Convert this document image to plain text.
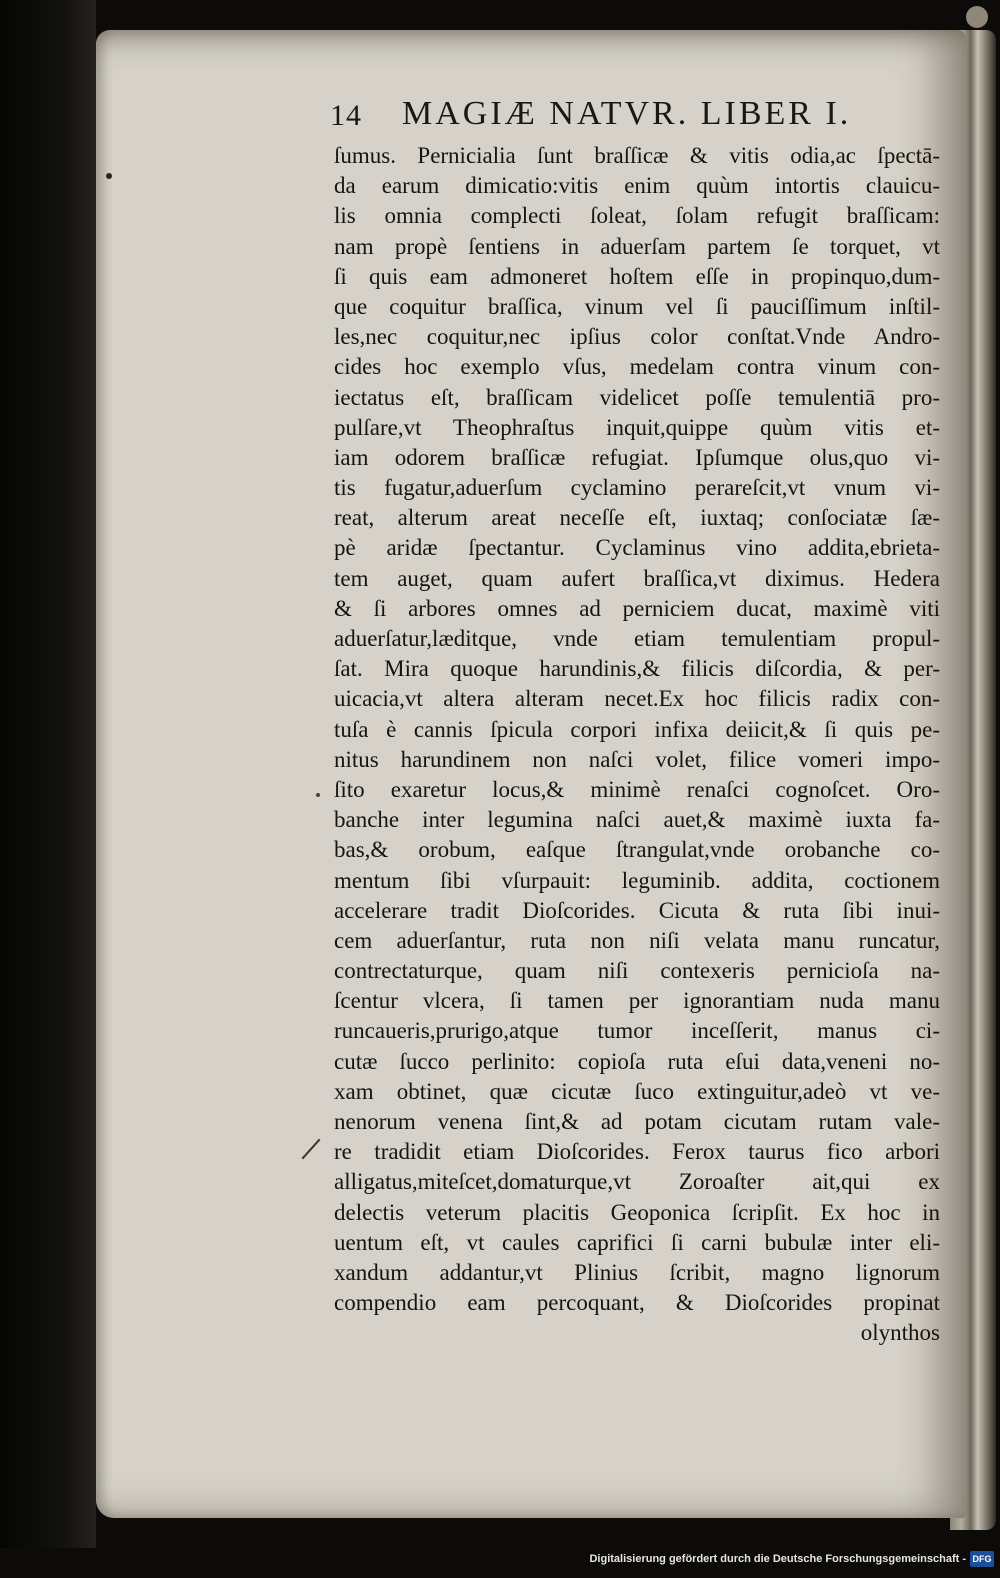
14 MAGIÆ NATVR. LIBER I.
ſumus. Pernicialia ſunt braſſicæ & vitis odia,ac ſpectā-
da earum dimicatio:vitis enim quùm intortis clauicu-
lis omnia complecti ſoleat, ſolam refugit braſſicam:
nam propè ſentiens in aduerſam partem ſe torquet, vt
ſi quis eam admoneret hoſtem eſſe in propinquo,dum-
que coquitur braſſica, vinum vel ſi pauciſſimum inſtil-
les,nec coquitur,nec ipſius color conſtat.Vnde Andro-
cides hoc exemplo vſus, medelam contra vinum con-
iectatus eſt, braſſicam videlicet poſſe temulentiā pro-
pulſare,vt Theophraſtus inquit,quippe quùm vitis et-
iam odorem braſſicæ refugiat. Ipſumque olus,quo vi-
tis fugatur,aduerſum cyclamino perareſcit,vt vnum vi-
reat, alterum areat neceſſe eſt, iuxtaq; conſociatæ ſæ-
pè aridæ ſpectantur. Cyclaminus vino addita,ebrieta-
tem auget, quam aufert braſſica,vt diximus. Hedera
& ſi arbores omnes ad perniciem ducat, maximè viti
aduerſatur,læditque, vnde etiam temulentiam propul-
ſat. Mira quoque harundinis,& filicis diſcordia, & per-
uicacia,vt altera alteram necet.Ex hoc filicis radix con-
tuſa è cannis ſpicula corpori infixa deiicit,& ſi quis pe-
nitus harundinem non naſci volet, filice vomeri impo-
ſito exaretur locus,& minimè renaſci cognoſcet. Oro-
banche inter legumina naſci auet,& maximè iuxta fa-
bas,& orobum, eaſque ſtrangulat,vnde orobanche co-
mentum ſibi vſurpauit: leguminib. addita, coctionem
accelerare tradit Dioſcorides. Cicuta & ruta ſibi inui-
cem aduerſantur, ruta non niſi velata manu runcatur,
contrectaturque, quam niſi contexeris pernicioſa na-
ſcentur vlcera, ſi tamen per ignorantiam nuda manu
runcaueris,prurigo,atque tumor inceſſerit, manus ci-
cutæ ſucco perlinito: copioſa ruta eſui data,veneni no-
xam obtinet, quæ cicutæ ſuco extinguitur,adeò vt ve-
nenorum venena ſint,& ad potam cicutam rutam vale-
re tradidit etiam Dioſcorides. Ferox taurus fico arbori
alligatus,miteſcet,domaturque,vt Zoroaſter ait,qui ex
delectis veterum placitis Geoponica ſcripſit. Ex hoc in
uentum eſt, vt caules caprifici ſi carni bubulæ inter eli-
xandum addantur,vt Plinius ſcribit, magno lignorum
compendio eam percoquant, & Dioſcorides propinat
olynthos
Digitalisierung gefördert durch die Deutsche Forschungsgemeinschaft - DFG
